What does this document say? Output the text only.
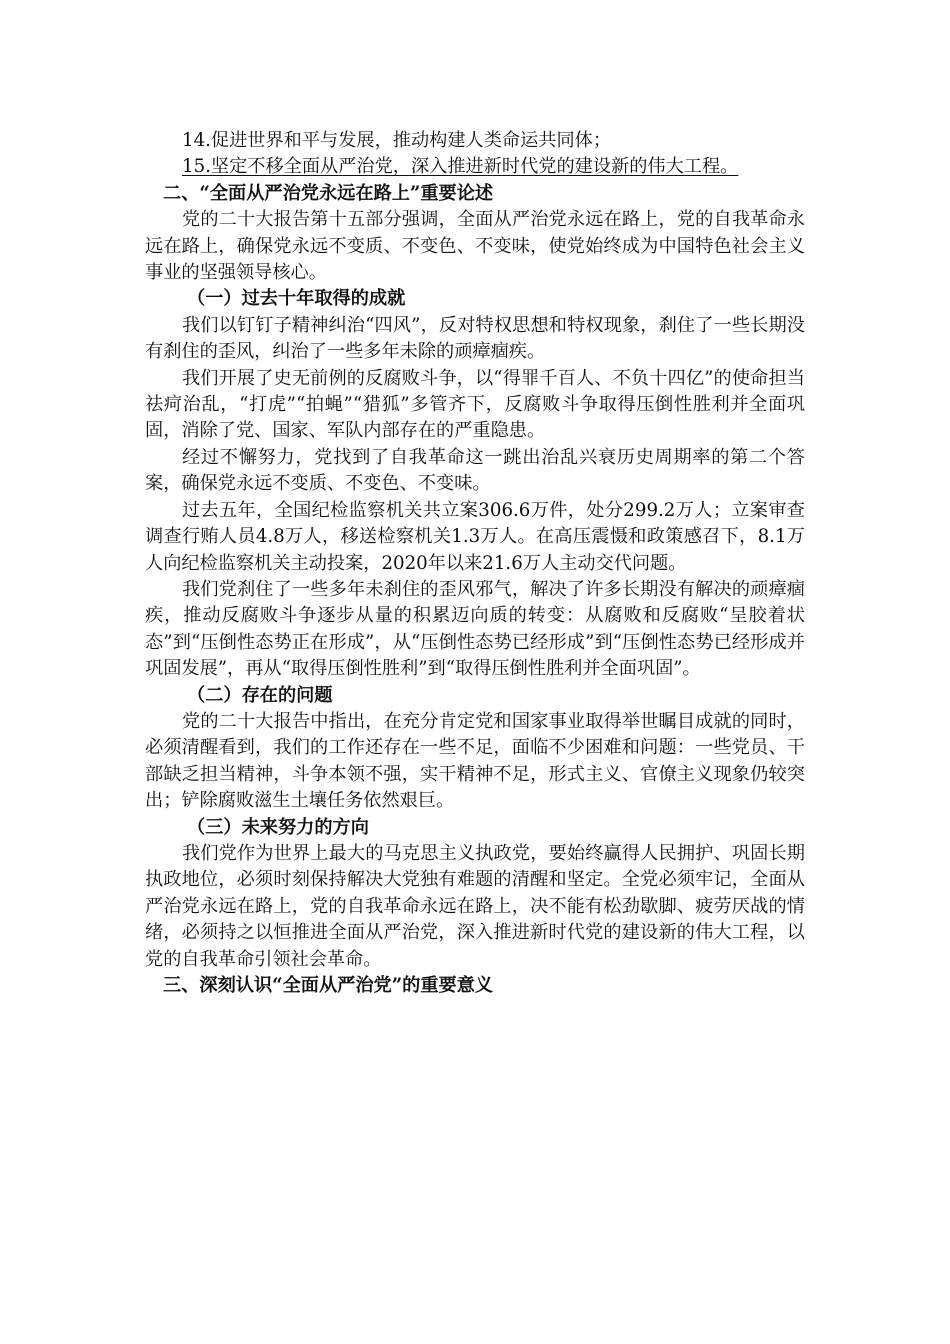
14.促进世界和平与发展，推动构建人类命运共同体；

15.坚定不移全面从严治党，深入推进新时代党的建设新的伟大工程。

二、“全面从严治党永远在路上”重要论述

党的二十大报告第十五部分强调，全面从严治党永远在路上，党的自我革命永远在路上，确保党永远不变质、不变色、不变味，使党始终成为中国特色社会主义事业的坚强领导核心。

（一）过去十年取得的成就

我们以钉钉子精神纠治“四风”，反对特权思想和特权现象，刹住了一些长期没有刹住的歪风，纠治了一些多年未除的顽瘴痼疾。

我们开展了史无前例的反腐败斗争，以“得罪千百人、不负十四亿”的使命担当祛疴治乱，“打虎”“拍蝇”“猎狐”多管齐下，反腐败斗争取得压倒性胜利并全面巩固，消除了党、国家、军队内部存在的严重隐患。

经过不懈努力，党找到了自我革命这一跳出治乱兴衰历史周期率的第二个答案，确保党永远不变质、不变色、不变味。

过去五年，全国纪检监察机关共立案306.6万件，处分299.2万人；立案审查调查行贿人员4.8万人，移送检察机关1.3万人。在高压震慑和政策感召下，8.1万人向纪检监察机关主动投案，2020年以来21.6万人主动交代问题。

我们党刹住了一些多年未刹住的歪风邪气，解决了许多长期没有解决的顽瘴痼疾，推动反腐败斗争逐步从量的积累迈向质的转变：从腐败和反腐败“呈胶着状态”到“压倒性态势正在形成”，从“压倒性态势已经形成”到“压倒性态势已经形成并巩固发展”，再从“取得压倒性胜利”到“取得压倒性胜利并全面巩固”。

（二）存在的问题

党的二十大报告中指出，在充分肯定党和国家事业取得举世瞩目成就的同时，必须清醒看到，我们的工作还存在一些不足，面临不少困难和问题：一些党员、干部缺乏担当精神，斗争本领不强，实干精神不足，形式主义、官僚主义现象仍较突出；铲除腐败滋生土壤任务依然艰巨。

（三）未来努力的方向

我们党作为世界上最大的马克思主义执政党，要始终赢得人民拥护、巩固长期执政地位，必须时刻保持解决大党独有难题的清醒和坚定。全党必须牢记，全面从严治党永远在路上，党的自我革命永远在路上，决不能有松劲歇脚、疲劳厌战的情绪，必须持之以恒推进全面从严治党，深入推进新时代党的建设新的伟大工程，以党的自我革命引领社会革命。

三、深刻认识“全面从严治党”的重要意义
